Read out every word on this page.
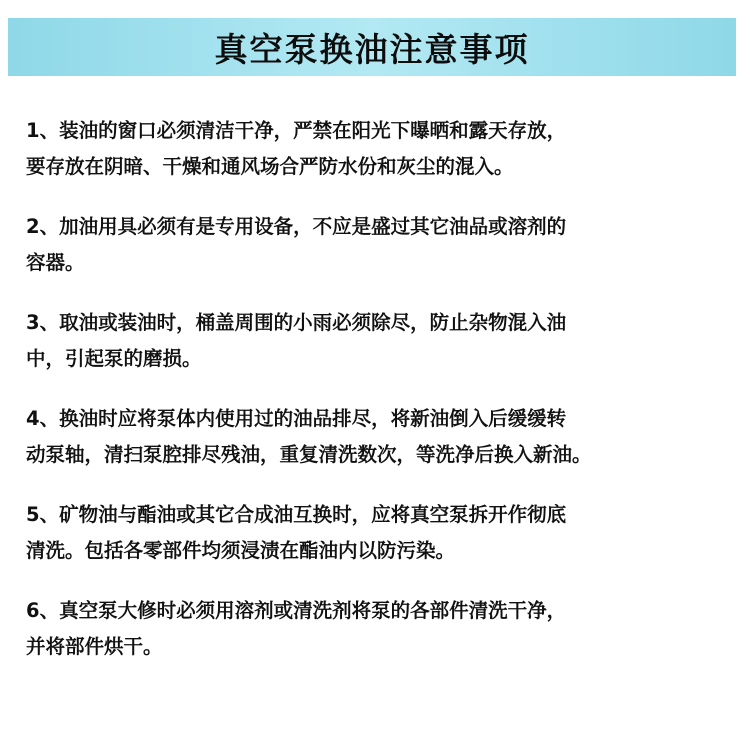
真空泵换油注意事项
1、装油的窗口必须清洁干净，严禁在阳光下曝晒和露天存放，
要存放在阴暗、干燥和通风场合严防水份和灰尘的混入。
2、加油用具必须有是专用设备，不应是盛过其它油品或溶剂的
容器。
3、取油或装油时，桶盖周围的小雨必须除尽，防止杂物混入油
中，引起泵的磨损。
4、换油时应将泵体内使用过的油品排尽，将新油倒入后缓缓转
动泵轴，清扫泵腔排尽残油，重复清洗数次，等洗净后换入新油。
5、矿物油与酯油或其它合成油互换时，应将真空泵拆开作彻底
清洗。包括各零部件均须浸渍在酯油内以防污染。
6、真空泵大修时必须用溶剂或清洗剂将泵的各部件清洗干净，
并将部件烘干。
